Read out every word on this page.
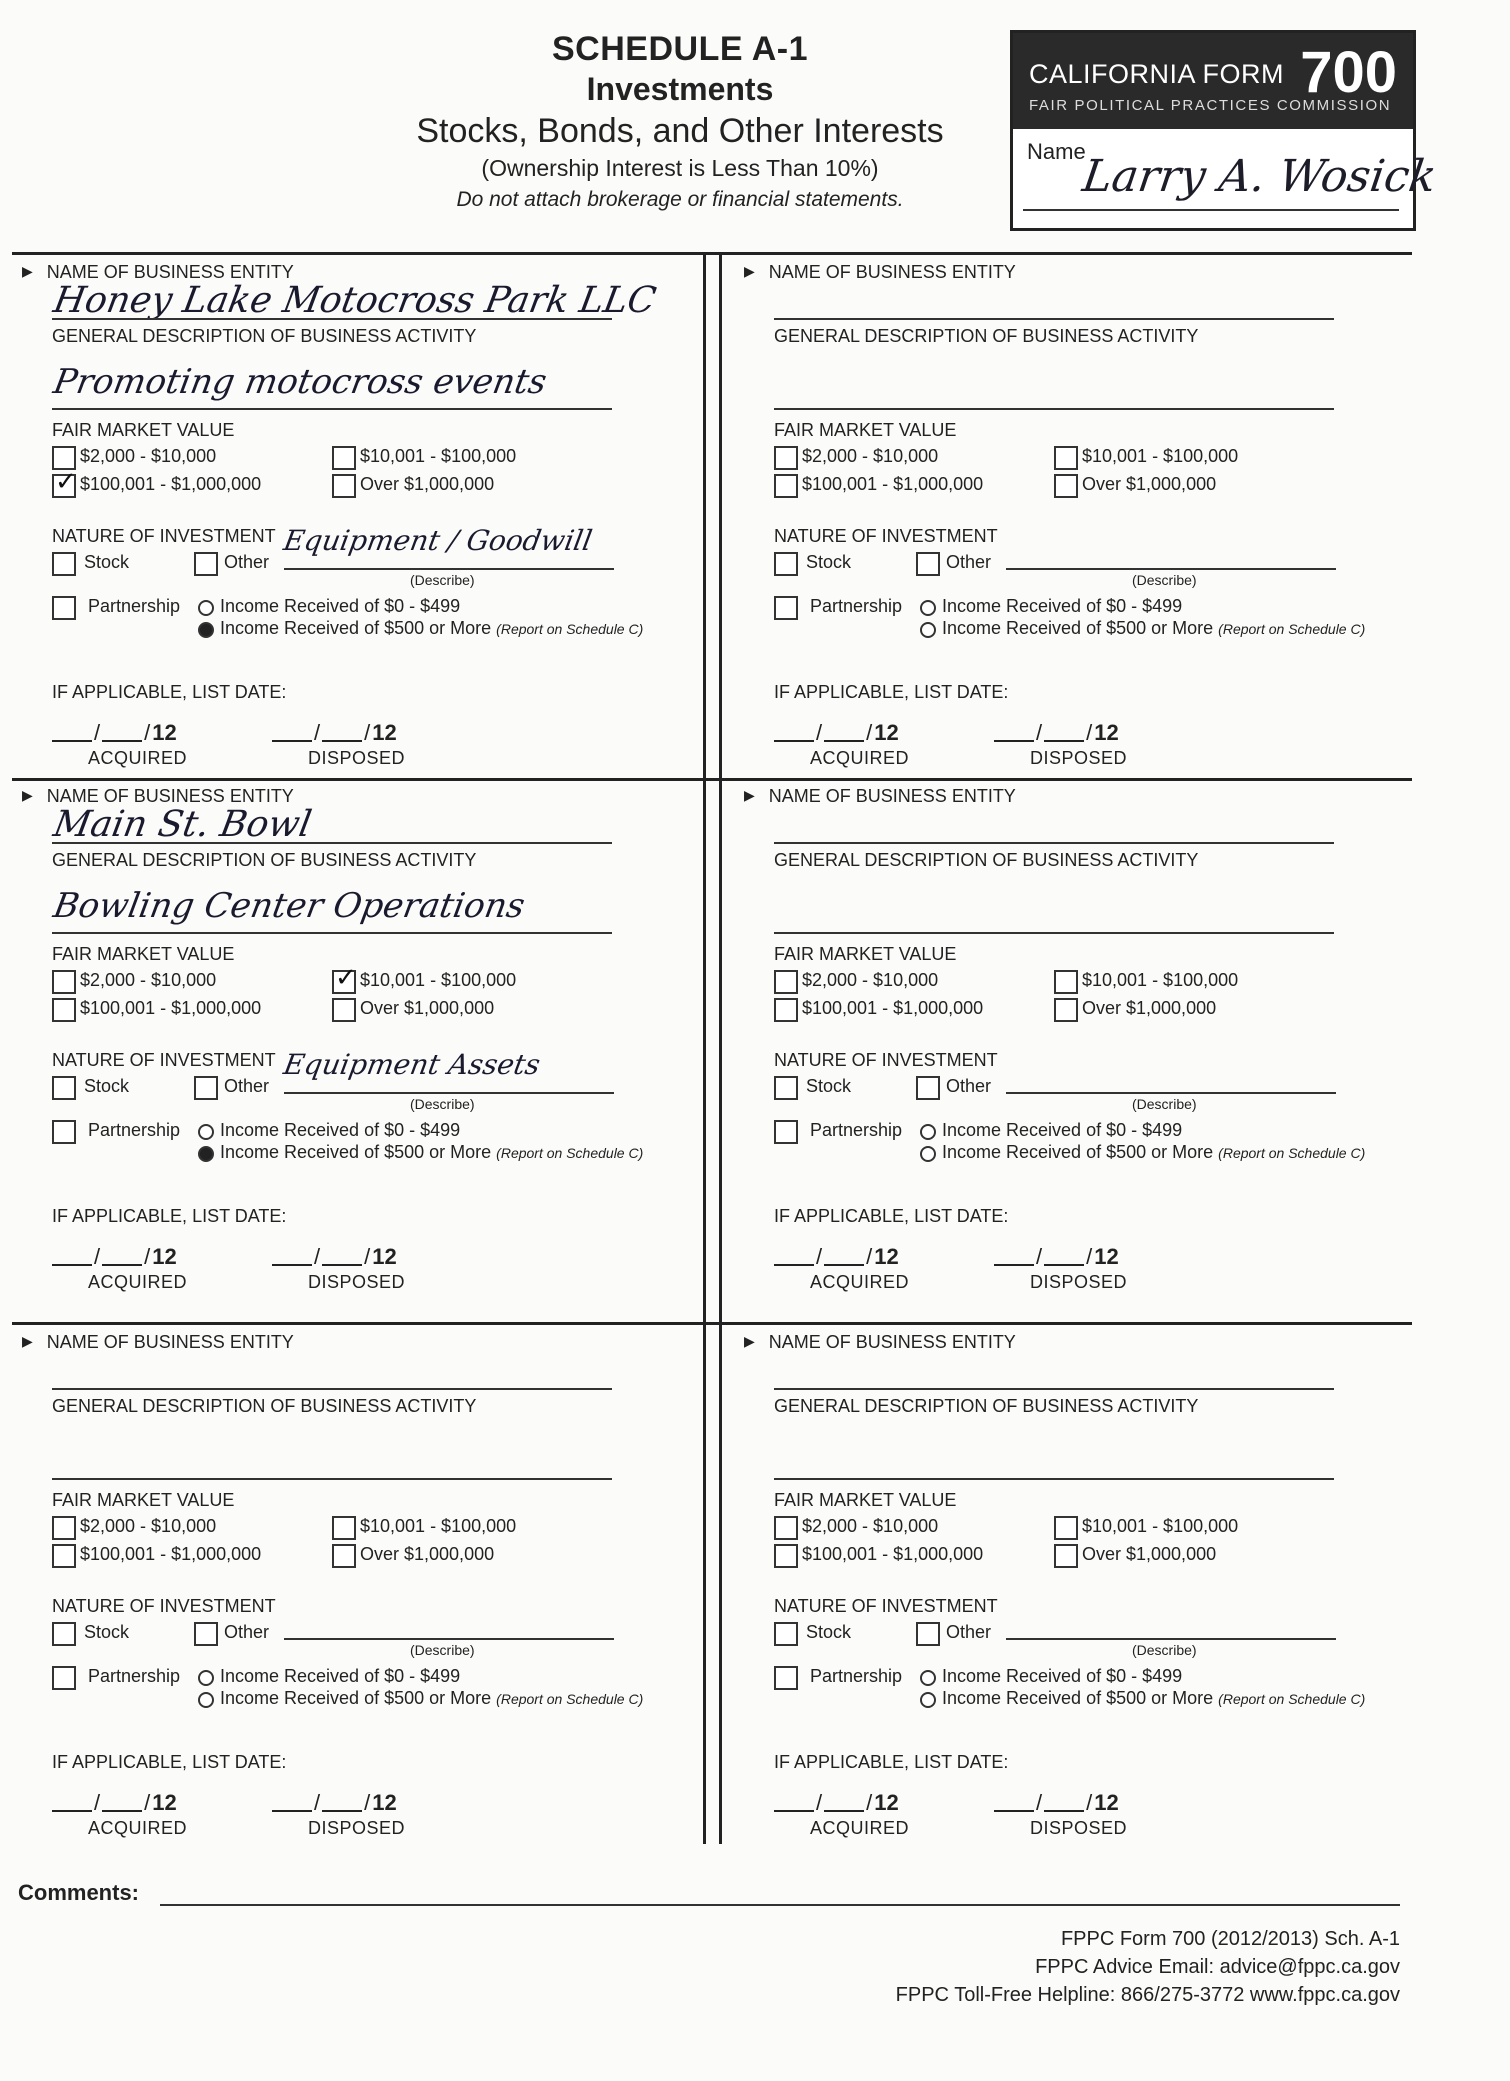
SCHEDULE A-1
Investments
Stocks, Bonds, and Other Interests
(Ownership Interest is Less Than 10%)
Do not attach brokerage or financial statements.
CALIFORNIA FORM 700
FAIR POLITICAL PRACTICES COMMISSION
Name
Larry A. Wosick
▶ NAME OF BUSINESS ENTITY
Honey Lake Motocross Park LLC
GENERAL DESCRIPTION OF BUSINESS ACTIVITY
Promoting motocross events
FAIR MARKET VALUE
$2,000 - $10,000
✓ $100,001 - $1,000,000
$10,001 - $100,000
Over $1,000,000
NATURE OF INVESTMENT
Stock	Other
Equipment / Goodwill
(Describe)
Partnership Income Received of $0 - $499
Income Received of $500 or More (Report on Schedule C)
IF APPLICABLE, LIST DATE:
/ /12
ACQUIRED
/ /12
DISPOSED
▶ NAME OF BUSINESS ENTITY
GENERAL DESCRIPTION OF BUSINESS ACTIVITY
FAIR MARKET VALUE
$2,000 - $10,000
$100,001 - $1,000,000
$10,001 - $100,000
Over $1,000,000
NATURE OF INVESTMENT
Stock	Other
(Describe)
Partnership Income Received of $0 - $499
Income Received of $500 or More (Report on Schedule C)
IF APPLICABLE, LIST DATE:
/ /12
ACQUIRED
/ /12
DISPOSED
▶ NAME OF BUSINESS ENTITY
Main St. Bowl
GENERAL DESCRIPTION OF BUSINESS ACTIVITY
Bowling Center Operations
FAIR MARKET VALUE
$2,000 - $10,000
$100,001 - $1,000,000
✓ $10,001 - $100,000
Over $1,000,000
NATURE OF INVESTMENT
Stock	Other
Equipment Assets
(Describe)
Partnership Income Received of $0 - $499
Income Received of $500 or More (Report on Schedule C)
IF APPLICABLE, LIST DATE:
/ /12
ACQUIRED
/ /12
DISPOSED
▶ NAME OF BUSINESS ENTITY
GENERAL DESCRIPTION OF BUSINESS ACTIVITY
FAIR MARKET VALUE
$2,000 - $10,000
$100,001 - $1,000,000
$10,001 - $100,000
Over $1,000,000
NATURE OF INVESTMENT
Stock	Other
(Describe)
Partnership Income Received of $0 - $499
Income Received of $500 or More (Report on Schedule C)
IF APPLICABLE, LIST DATE:
/ /12
ACQUIRED
/ /12
DISPOSED
▶ NAME OF BUSINESS ENTITY
GENERAL DESCRIPTION OF BUSINESS ACTIVITY
FAIR MARKET VALUE
$2,000 - $10,000
$100,001 - $1,000,000
$10,001 - $100,000
Over $1,000,000
NATURE OF INVESTMENT
Stock	Other
(Describe)
Partnership Income Received of $0 - $499
Income Received of $500 or More (Report on Schedule C)
IF APPLICABLE, LIST DATE:
/ /12
ACQUIRED
/ /12
DISPOSED
▶ NAME OF BUSINESS ENTITY
GENERAL DESCRIPTION OF BUSINESS ACTIVITY
FAIR MARKET VALUE
$2,000 - $10,000
$100,001 - $1,000,000
$10,001 - $100,000
Over $1,000,000
NATURE OF INVESTMENT
Stock	Other
(Describe)
Partnership Income Received of $0 - $499
Income Received of $500 or More (Report on Schedule C)
IF APPLICABLE, LIST DATE:
/ /12
ACQUIRED
/ /12
DISPOSED
Comments:
FPPC Form 700 (2012/2013) Sch. A-1
FPPC Advice Email: advice@fppc.ca.gov
FPPC Toll-Free Helpline: 866/275-3772 www.fppc.ca.gov
